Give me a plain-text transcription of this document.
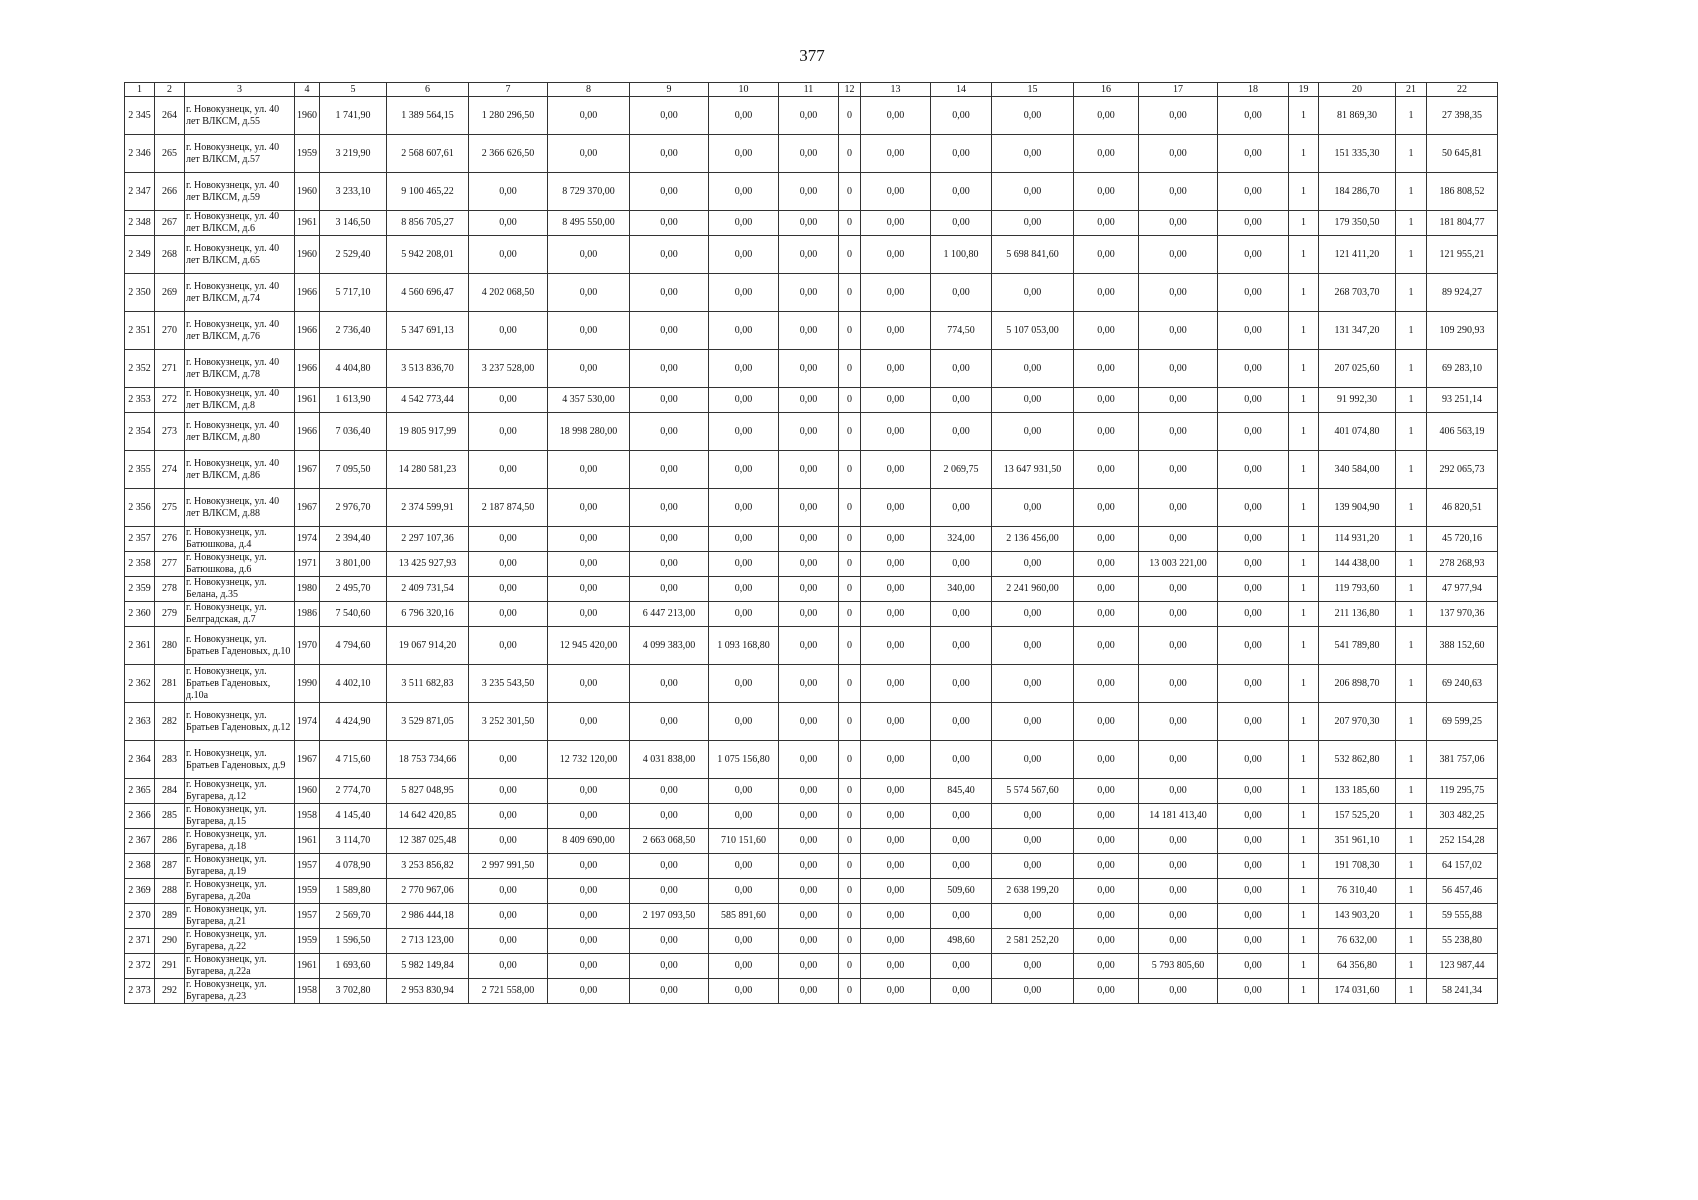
377
1	2	3	4	5	6	7	8	9	10	11	12	13	14	15	16	17	18	19	20	21	22
2 345	264	г. Новокузнецк, ул. 40 лет ВЛКСМ, д.55	1960	1 741,90	1 389 564,15	1 280 296,50	0,00	0,00	0,00	0,00	0	0,00	0,00	0,00	0,00	0,00	0,00	1	81 869,30	1	27 398,35
2 346	265	г. Новокузнецк, ул. 40 лет ВЛКСМ, д.57	1959	3 219,90	2 568 607,61	2 366 626,50	0,00	0,00	0,00	0,00	0	0,00	0,00	0,00	0,00	0,00	0,00	1	151 335,30	1	50 645,81
2 347	266	г. Новокузнецк, ул. 40 лет ВЛКСМ, д.59	1960	3 233,10	9 100 465,22	0,00	8 729 370,00	0,00	0,00	0,00	0	0,00	0,00	0,00	0,00	0,00	0,00	1	184 286,70	1	186 808,52
2 348	267	г. Новокузнецк, ул. 40 лет ВЛКСМ, д.6	1961	3 146,50	8 856 705,27	0,00	8 495 550,00	0,00	0,00	0,00	0	0,00	0,00	0,00	0,00	0,00	0,00	1	179 350,50	1	181 804,77
2 349	268	г. Новокузнецк, ул. 40 лет ВЛКСМ, д.65	1960	2 529,40	5 942 208,01	0,00	0,00	0,00	0,00	0,00	0	0,00	1 100,80	5 698 841,60	0,00	0,00	0,00	1	121 411,20	1	121 955,21
2 350	269	г. Новокузнецк, ул. 40 лет ВЛКСМ, д.74	1966	5 717,10	4 560 696,47	4 202 068,50	0,00	0,00	0,00	0,00	0	0,00	0,00	0,00	0,00	0,00	0,00	1	268 703,70	1	89 924,27
2 351	270	г. Новокузнецк, ул. 40 лет ВЛКСМ, д.76	1966	2 736,40	5 347 691,13	0,00	0,00	0,00	0,00	0,00	0	0,00	774,50	5 107 053,00	0,00	0,00	0,00	1	131 347,20	1	109 290,93
2 352	271	г. Новокузнецк, ул. 40 лет ВЛКСМ, д.78	1966	4 404,80	3 513 836,70	3 237 528,00	0,00	0,00	0,00	0,00	0	0,00	0,00	0,00	0,00	0,00	0,00	1	207 025,60	1	69 283,10
2 353	272	г. Новокузнецк, ул. 40 лет ВЛКСМ, д.8	1961	1 613,90	4 542 773,44	0,00	4 357 530,00	0,00	0,00	0,00	0	0,00	0,00	0,00	0,00	0,00	0,00	1	91 992,30	1	93 251,14
2 354	273	г. Новокузнецк, ул. 40 лет ВЛКСМ, д.80	1966	7 036,40	19 805 917,99	0,00	18 998 280,00	0,00	0,00	0,00	0	0,00	0,00	0,00	0,00	0,00	0,00	1	401 074,80	1	406 563,19
2 355	274	г. Новокузнецк, ул. 40 лет ВЛКСМ, д.86	1967	7 095,50	14 280 581,23	0,00	0,00	0,00	0,00	0,00	0	0,00	2 069,75	13 647 931,50	0,00	0,00	0,00	1	340 584,00	1	292 065,73
2 356	275	г. Новокузнецк, ул. 40 лет ВЛКСМ, д.88	1967	2 976,70	2 374 599,91	2 187 874,50	0,00	0,00	0,00	0,00	0	0,00	0,00	0,00	0,00	0,00	0,00	1	139 904,90	1	46 820,51
2 357	276	г. Новокузнецк, ул. Батюшкова, д.4	1974	2 394,40	2 297 107,36	0,00	0,00	0,00	0,00	0,00	0	0,00	324,00	2 136 456,00	0,00	0,00	0,00	1	114 931,20	1	45 720,16
2 358	277	г. Новокузнецк, ул. Батюшкова, д.6	1971	3 801,00	13 425 927,93	0,00	0,00	0,00	0,00	0,00	0	0,00	0,00	0,00	0,00	13 003 221,00	0,00	1	144 438,00	1	278 268,93
2 359	278	г. Новокузнецк, ул. Белана, д.35	1980	2 495,70	2 409 731,54	0,00	0,00	0,00	0,00	0,00	0	0,00	340,00	2 241 960,00	0,00	0,00	0,00	1	119 793,60	1	47 977,94
2 360	279	г. Новокузнецк, ул. Белградская, д.7	1986	7 540,60	6 796 320,16	0,00	0,00	6 447 213,00	0,00	0,00	0	0,00	0,00	0,00	0,00	0,00	0,00	1	211 136,80	1	137 970,36
2 361	280	г. Новокузнецк, ул. Братьев Гаденовых, д.10	1970	4 794,60	19 067 914,20	0,00	12 945 420,00	4 099 383,00	1 093 168,80	0,00	0	0,00	0,00	0,00	0,00	0,00	0,00	1	541 789,80	1	388 152,60
2 362	281	г. Новокузнецк, ул. Братьев Гаденовых, д.10а	1990	4 402,10	3 511 682,83	3 235 543,50	0,00	0,00	0,00	0,00	0	0,00	0,00	0,00	0,00	0,00	0,00	1	206 898,70	1	69 240,63
2 363	282	г. Новокузнецк, ул. Братьев Гаденовых, д.12	1974	4 424,90	3 529 871,05	3 252 301,50	0,00	0,00	0,00	0,00	0	0,00	0,00	0,00	0,00	0,00	0,00	1	207 970,30	1	69 599,25
2 364	283	г. Новокузнецк, ул. Братьев Гаденовых, д.9	1967	4 715,60	18 753 734,66	0,00	12 732 120,00	4 031 838,00	1 075 156,80	0,00	0	0,00	0,00	0,00	0,00	0,00	0,00	1	532 862,80	1	381 757,06
2 365	284	г. Новокузнецк, ул. Бугарева, д.12	1960	2 774,70	5 827 048,95	0,00	0,00	0,00	0,00	0,00	0	0,00	845,40	5 574 567,60	0,00	0,00	0,00	1	133 185,60	1	119 295,75
2 366	285	г. Новокузнецк, ул. Бугарева, д.15	1958	4 145,40	14 642 420,85	0,00	0,00	0,00	0,00	0,00	0	0,00	0,00	0,00	0,00	14 181 413,40	0,00	1	157 525,20	1	303 482,25
2 367	286	г. Новокузнецк, ул. Бугарева, д.18	1961	3 114,70	12 387 025,48	0,00	8 409 690,00	2 663 068,50	710 151,60	0,00	0	0,00	0,00	0,00	0,00	0,00	0,00	1	351 961,10	1	252 154,28
2 368	287	г. Новокузнецк, ул. Бугарева, д.19	1957	4 078,90	3 253 856,82	2 997 991,50	0,00	0,00	0,00	0,00	0	0,00	0,00	0,00	0,00	0,00	0,00	1	191 708,30	1	64 157,02
2 369	288	г. Новокузнецк, ул. Бугарева, д.20а	1959	1 589,80	2 770 967,06	0,00	0,00	0,00	0,00	0,00	0	0,00	509,60	2 638 199,20	0,00	0,00	0,00	1	76 310,40	1	56 457,46
2 370	289	г. Новокузнецк, ул. Бугарева, д.21	1957	2 569,70	2 986 444,18	0,00	0,00	2 197 093,50	585 891,60	0,00	0	0,00	0,00	0,00	0,00	0,00	0,00	1	143 903,20	1	59 555,88
2 371	290	г. Новокузнецк, ул. Бугарева, д.22	1959	1 596,50	2 713 123,00	0,00	0,00	0,00	0,00	0,00	0	0,00	498,60	2 581 252,20	0,00	0,00	0,00	1	76 632,00	1	55 238,80
2 372	291	г. Новокузнецк, ул. Бугарева, д.22а	1961	1 693,60	5 982 149,84	0,00	0,00	0,00	0,00	0,00	0	0,00	0,00	0,00	0,00	5 793 805,60	0,00	1	64 356,80	1	123 987,44
2 373	292	г. Новокузнецк, ул. Бугарева, д.23	1958	3 702,80	2 953 830,94	2 721 558,00	0,00	0,00	0,00	0,00	0	0,00	0,00	0,00	0,00	0,00	0,00	1	174 031,60	1	58 241,34
